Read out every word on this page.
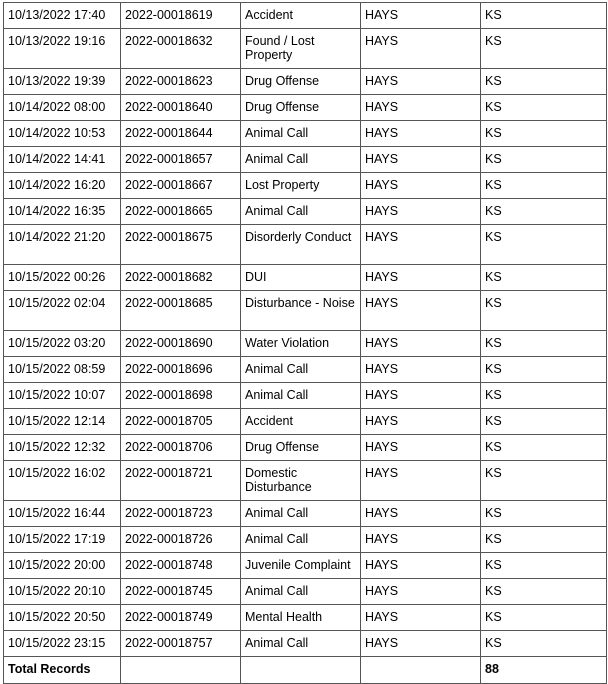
10/13/2022 17:40	2022-00018619	Accident	HAYS	KS
10/13/2022 19:16	2022-00018632	Found / Lost Property	HAYS	KS
10/13/2022 19:39	2022-00018623	Drug Offense	HAYS	KS
10/14/2022 08:00	2022-00018640	Drug Offense	HAYS	KS
10/14/2022 10:53	2022-00018644	Animal Call	HAYS	KS
10/14/2022 14:41	2022-00018657	Animal Call	HAYS	KS
10/14/2022 16:20	2022-00018667	Lost Property	HAYS	KS
10/14/2022 16:35	2022-00018665	Animal Call	HAYS	KS
10/14/2022 21:20	2022-00018675	Disorderly Conduct	HAYS	KS
10/15/2022 00:26	2022-00018682	DUI	HAYS	KS
10/15/2022 02:04	2022-00018685	Disturbance - Noise	HAYS	KS
10/15/2022 03:20	2022-00018690	Water Violation	HAYS	KS
10/15/2022 08:59	2022-00018696	Animal Call	HAYS	KS
10/15/2022 10:07	2022-00018698	Animal Call	HAYS	KS
10/15/2022 12:14	2022-00018705	Accident	HAYS	KS
10/15/2022 12:32	2022-00018706	Drug Offense	HAYS	KS
10/15/2022 16:02	2022-00018721	Domestic Disturbance	HAYS	KS
10/15/2022 16:44	2022-00018723	Animal Call	HAYS	KS
10/15/2022 17:19	2022-00018726	Animal Call	HAYS	KS
10/15/2022 20:00	2022-00018748	Juvenile Complaint	HAYS	KS
10/15/2022 20:10	2022-00018745	Animal Call	HAYS	KS
10/15/2022 20:50	2022-00018749	Mental Health	HAYS	KS
10/15/2022 23:15	2022-00018757	Animal Call	HAYS	KS
Total Records				88
